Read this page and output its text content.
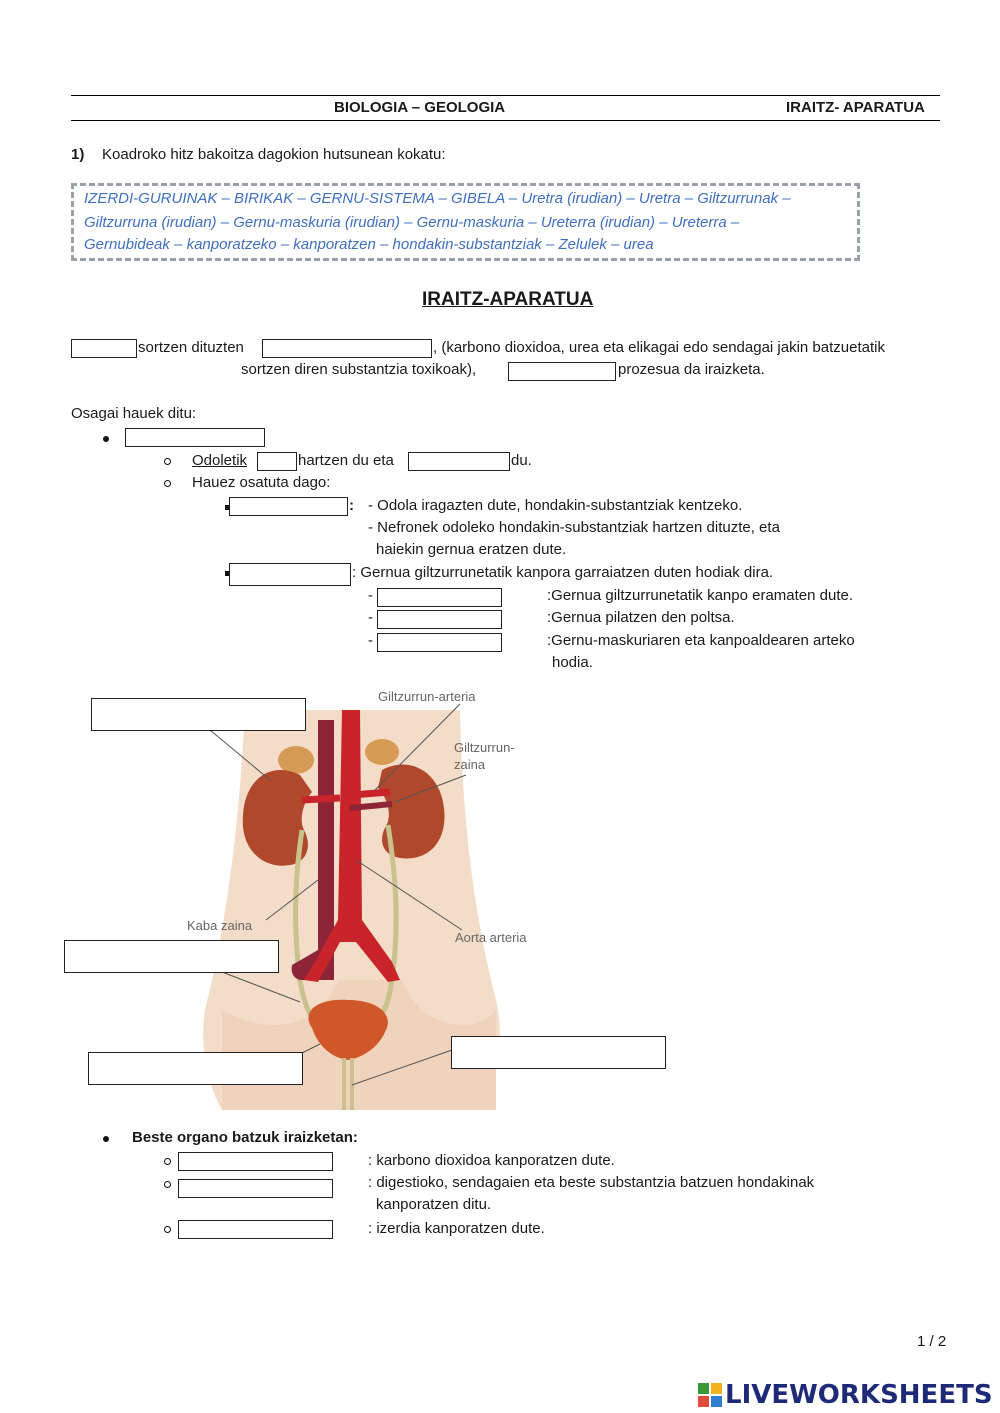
BIOLOGIA – GEOLOGIA	IRAITZ- APARATUA
1) Koadroko hitz bakoitza dagokion hutsunean kokatu:
IZERDI-GURUINAK – BIRIKAK – GERNU-SISTEMA – GIBELA – Uretra (irudian) – Uretra – Giltzurrunak –
Giltzurruna (irudian) – Gernu-maskuria (irudian) – Gernu-maskuria – Ureterra (irudian) – Ureterra –
Gernubideak – kanporatzeko – kanporatzen – hondakin-substantziak – Zelulek – urea
IRAITZ-APARATUA
sortzen dituzten	, (karbono dioxidoa, urea eta elikagai edo sendagai jakin batzuetatik
sortzen diren substantzia toxikoak),	prozesua da iraizketa.
Osagai hauek ditu:
Odoletik	hartzen du eta	du.
Hauez osatuta dago:
: - Odola iragazten dute, hondakin-substantziak kentzeko.
- Nefronek odoleko hondakin-substantziak hartzen dituzte, eta
haiekin gernua eratzen dute.
: Gernua giltzurrunetatik kanpora garraiatzen duten hodiak dira.
-	:Gernua giltzurrunetatik kanpo eramaten dute.
-	:Gernua pilatzen den poltsa.
-	:Gernu-maskuriaren eta kanpoaldearen arteko
hodia.
Giltzurrun-arteria
Giltzurrun-
zaina
Kaba zaina
Aorta arteria
Beste organo batzuk iraizketan:
: karbono dioxidoa kanporatzen dute.
: digestioko, sendagaien eta beste substantzia batzuen hondakinak
kanporatzen ditu.
: izerdia kanporatzen dute.
1 / 2
LIVEWORKSHEETS
